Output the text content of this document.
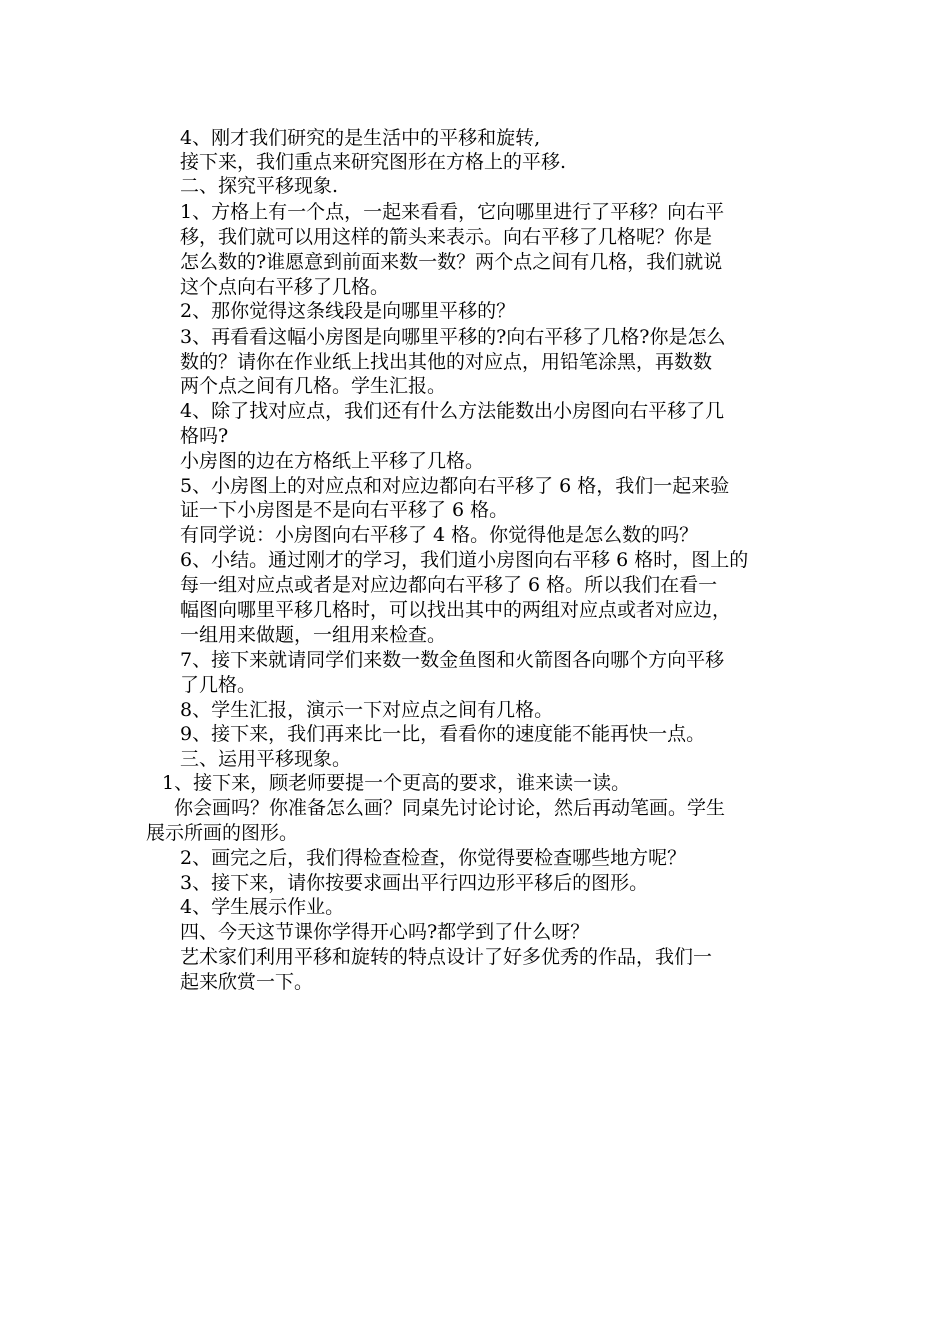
4、刚才我们研究的是生活中的平移和旋转,

接下来，我们重点来研究图形在方格上的平移.

二、探究平移现象.

1、方格上有一个点，一起来看看，它向哪里进行了平移？向右平

移，我们就可以用这样的箭头来表示。向右平移了几格呢？你是

怎么数的?谁愿意到前面来数一数？两个点之间有几格，我们就说

这个点向右平移了几格。

2、那你觉得这条线段是向哪里平移的？

3、再看看这幅小房图是向哪里平移的?向右平移了几格?你是怎么

数的？请你在作业纸上找出其他的对应点，用铅笔涂黑，再数数

两个点之间有几格。学生汇报。

4、除了找对应点，我们还有什么方法能数出小房图向右平移了几

格吗?

小房图的边在方格纸上平移了几格。

5、小房图上的对应点和对应边都向右平移了 6 格，我们一起来验

证一下小房图是不是向右平移了 6 格。

有同学说：小房图向右平移了 4 格。你觉得他是怎么数的吗？

6、小结。通过刚才的学习，我们道小房图向右平移 6 格时，图上的

每一组对应点或者是对应边都向右平移了 6 格。所以我们在看一

幅图向哪里平移几格时，可以找出其中的两组对应点或者对应边，

一组用来做题，一组用来检查。

7、接下来就请同学们来数一数金鱼图和火箭图各向哪个方向平移

了几格。

8、学生汇报，演示一下对应点之间有几格。

9、接下来，我们再来比一比，看看你的速度能不能再快一点。

三、运用平移现象。

1、接下来，顾老师要提一个更高的要求，谁来读一读。

你会画吗？你准备怎么画？同桌先讨论讨论，然后再动笔画。学生

展示所画的图形。

2、画完之后，我们得检查检查，你觉得要检查哪些地方呢？

3、接下来，请你按要求画出平行四边形平移后的图形。

4、学生展示作业。

四、今天这节课你学得开心吗?都学到了什么呀？

艺术家们利用平移和旋转的特点设计了好多优秀的作品，我们一

起来欣赏一下。
